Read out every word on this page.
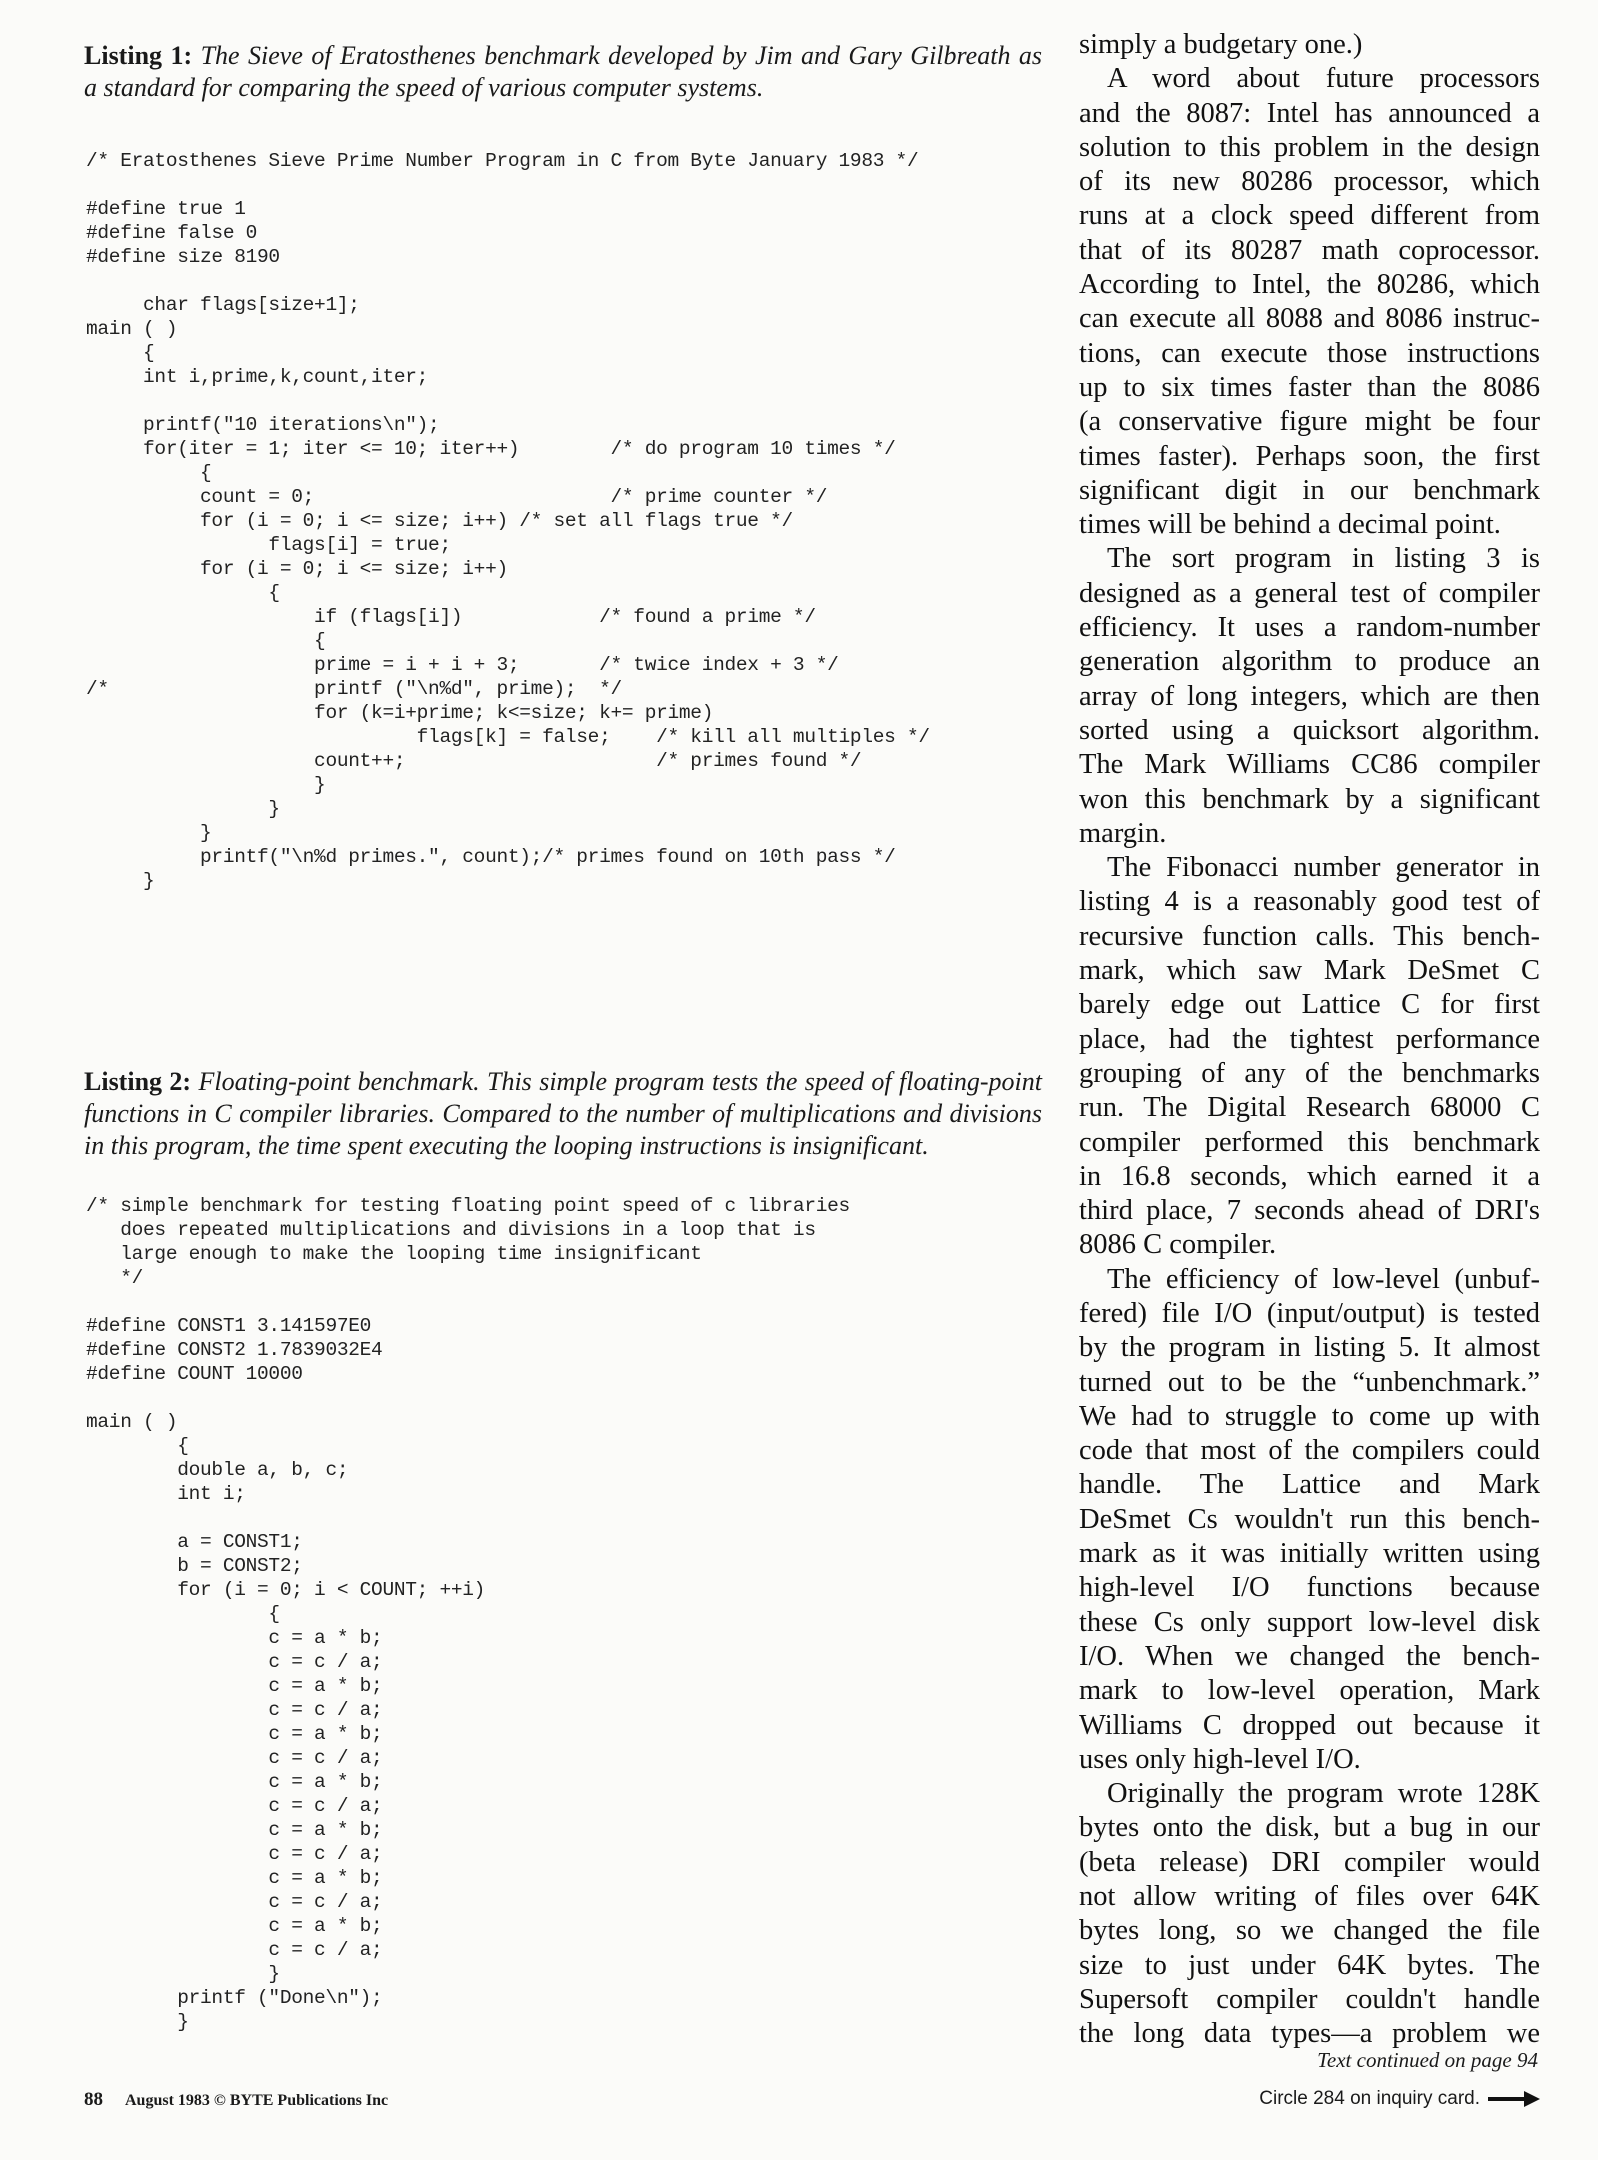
Listing 1: The Sieve of Eratosthenes benchmark developed by Jim and Gary Gilbreath as
a standard for comparing the speed of various computer systems.
/* Eratosthenes Sieve Prime Number Program in C from Byte January 1983 */
#define true 1
#define false 0
#define size 8190
char flags[size+1];
main ( )
{
int i,prime,k,count,iter;
printf("10 iterations\n");
for(iter = 1; iter <= 10; iter++)        /* do program 10 times */
{
count = 0;                          /* prime counter */
for (i = 0; i <= size; i++) /* set all flags true */
flags[i] = true;
for (i = 0; i <= size; i++)
{
if (flags[i])            /* found a prime */
{
prime = i + i + 3;       /* twice index + 3 */
/*                  printf ("\n%d", prime);  */
for (k=i+prime; k<=size; k+= prime)
flags[k] = false;    /* kill all multiples */
count++;                      /* primes found */
}
}
}
printf("\n%d primes.", count);/* primes found on 10th pass */
}
Listing 2: Floating-point benchmark. This simple program tests the speed of floating-point
functions in C compiler libraries. Compared to the number of multiplications and divisions
in this program, the time spent executing the looping instructions is insignificant.
/* simple benchmark for testing floating point speed of c libraries
does repeated multiplications and divisions in a loop that is
large enough to make the looping time insignificant
*/
#define CONST1 3.141597E0
#define CONST2 1.7839032E4
#define COUNT 10000
main ( )
{
double a, b, c;
int i;
a = CONST1;
b = CONST2;
for (i = 0; i < COUNT; ++i)
{
c = a * b;
c = c / a;
c = a * b;
c = c / a;
c = a * b;
c = c / a;
c = a * b;
c = c / a;
c = a * b;
c = c / a;
c = a * b;
c = c / a;
c = a * b;
c = c / a;
}
printf ("Done\n");
}
simply a budgetary one.)
A word about future processors
and the 8087: Intel has announced a
solution to this problem in the design
of its new 80286 processor, which
runs at a clock speed different from
that of its 80287 math coprocessor.
According to Intel, the 80286, which
can execute all 8088 and 8086 instruc-
tions, can execute those instructions
up to six times faster than the 8086
(a conservative figure might be four
times faster). Perhaps soon, the first
significant digit in our benchmark
times will be behind a decimal point.
The sort program in listing 3 is
designed as a general test of compiler
efficiency. It uses a random-number
generation algorithm to produce an
array of long integers, which are then
sorted using a quicksort algorithm.
The Mark Williams CC86 compiler
won this benchmark by a significant
margin.
The Fibonacci number generator in
listing 4 is a reasonably good test of
recursive function calls. This bench-
mark, which saw Mark DeSmet C
barely edge out Lattice C for first
place, had the tightest performance
grouping of any of the benchmarks
run. The Digital Research 68000 C
compiler performed this benchmark
in 16.8 seconds, which earned it a
third place, 7 seconds ahead of DRI's
8086 C compiler.
The efficiency of low-level (unbuf-
fered) file I/O (input/output) is tested
by the program in listing 5. It almost
turned out to be the “unbenchmark.”
We had to struggle to come up with
code that most of the compilers could
handle. The Lattice and Mark
DeSmet Cs wouldn't run this bench-
mark as it was initially written using
high-level I/O functions because
these Cs only support low-level disk
I/O. When we changed the bench-
mark to low-level operation, Mark
Williams C dropped out because it
uses only high-level I/O.
Originally the program wrote 128K
bytes onto the disk, but a bug in our
(beta release) DRI compiler would
not allow writing of files over 64K
bytes long, so we changed the file
size to just under 64K bytes. The
Supersoft compiler couldn't handle
the long data types—a problem we
Text continued on page 94
Circle 284 on inquiry card.
88 August 1983 © BYTE Publications Inc
